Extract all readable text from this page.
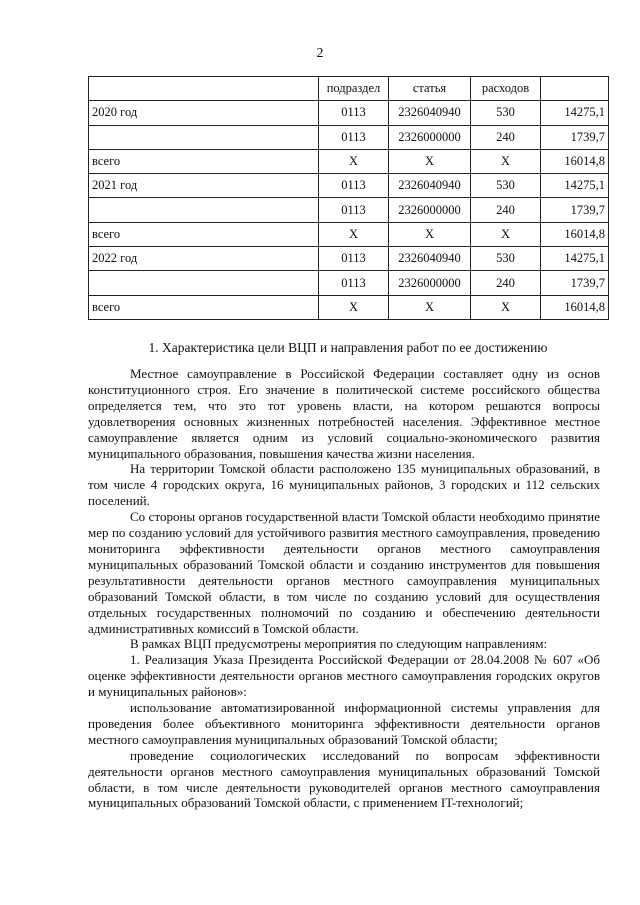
2
	подраздел	статья	расходов	
2020 год	0113	2326040940	530	14275,1
	0113	2326000000	240	1739,7
всего	X	X	X	16014,8
2021 год	0113	2326040940	530	14275,1
	0113	2326000000	240	1739,7
всего	X	X	X	16014,8
2022 год	0113	2326040940	530	14275,1
	0113	2326000000	240	1739,7
всего	X	X	X	16014,8
1. Характеристика цели ВЦП и направления работ по ее достижению

Местное самоуправление в Российской Федерации составляет одну из основ конституционного строя. Его значение в политической системе российского общества определяется тем, что это тот уровень власти, на котором решаются вопросы удовлетворения основных жизненных потребностей населения. Эффективное местное самоуправление является одним из условий социально-экономического развития муниципального образования, повышения качества жизни населения.

На территории Томской области расположено 135 муниципальных образований, в том числе 4 городских округа, 16 муниципальных районов, 3 городских и 112 сельских поселений.

Со стороны органов государственной власти Томской области необходимо принятие мер по созданию условий для устойчивого развития местного самоуправления, проведению мониторинга эффективности деятельности органов местного самоуправления муниципальных образований Томской области и созданию инструментов для повышения результативности деятельности органов местного самоуправления муниципальных образований Томской области, в том числе по созданию условий для осуществления отдельных государственных полномочий по созданию и обеспечению деятельности административных комиссий в Томской области.

В рамках ВЦП предусмотрены мероприятия по следующим направлениям:

1. Реализация Указа Президента Российской Федерации от 28.04.2008 № 607 «Об оценке эффективности деятельности органов местного самоуправления городских округов и муниципальных районов»:

использование автоматизированной информационной системы управления для проведения более объективного мониторинга эффективности деятельности органов местного самоуправления муниципальных образований Томской области;

проведение социологических исследований по вопросам эффективности деятельности органов местного самоуправления муниципальных образований Томской области, в том числе деятельности руководителей органов местного самоуправления муниципальных образований Томской области, с применением IT-технологий;
